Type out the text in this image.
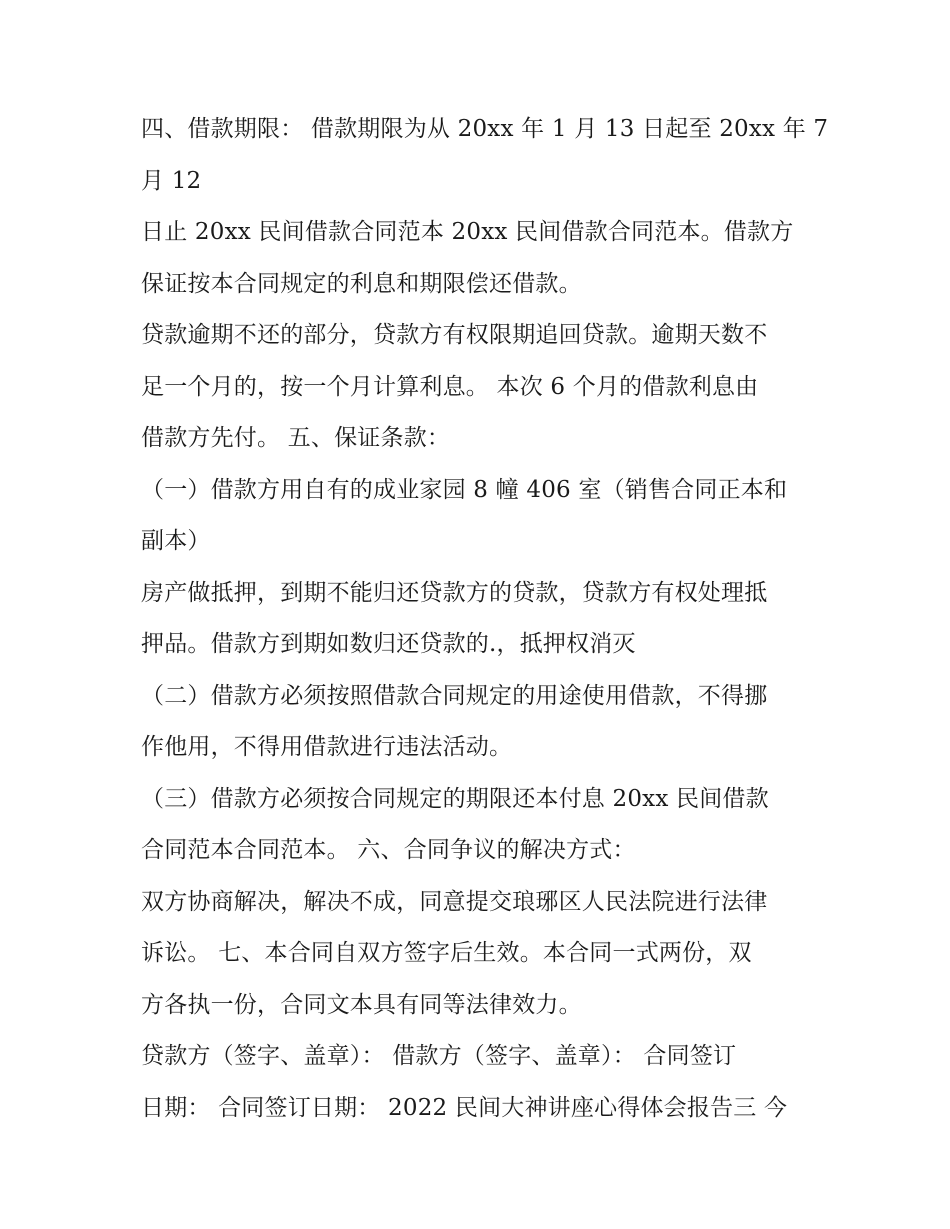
四、借款期限： 借款期限为从 20xx 年 1 月 13 日起至 20xx 年 7
月 12
日止 20xx 民间借款合同范本 20xx 民间借款合同范本。借款方
保证按本合同规定的利息和期限偿还借款。
贷款逾期不还的部分，贷款方有权限期追回贷款。逾期天数不
足一个月的，按一个月计算利息。 本次 6 个月的借款利息由
借款方先付。 五、保证条款：
（一）借款方用自有的成业家园 8 幢 406 室（销售合同正本和
副本）
房产做抵押，到期不能归还贷款方的贷款，贷款方有权处理抵
押品。借款方到期如数归还贷款的.，抵押权消灭
（二）借款方必须按照借款合同规定的用途使用借款，不得挪
作他用，不得用借款进行违法活动。
（三）借款方必须按合同规定的期限还本付息 20xx 民间借款
合同范本合同范本。 六、合同争议的解决方式：
双方协商解决，解决不成，同意提交琅琊区人民法院进行法律
诉讼。 七、本合同自双方签字后生效。本合同一式两份，双
方各执一份，合同文本具有同等法律效力。
贷款方（签字、盖章）： 借款方（签字、盖章）： 合同签订
日期： 合同签订日期： 2022 民间大神讲座心得体会报告三 今
